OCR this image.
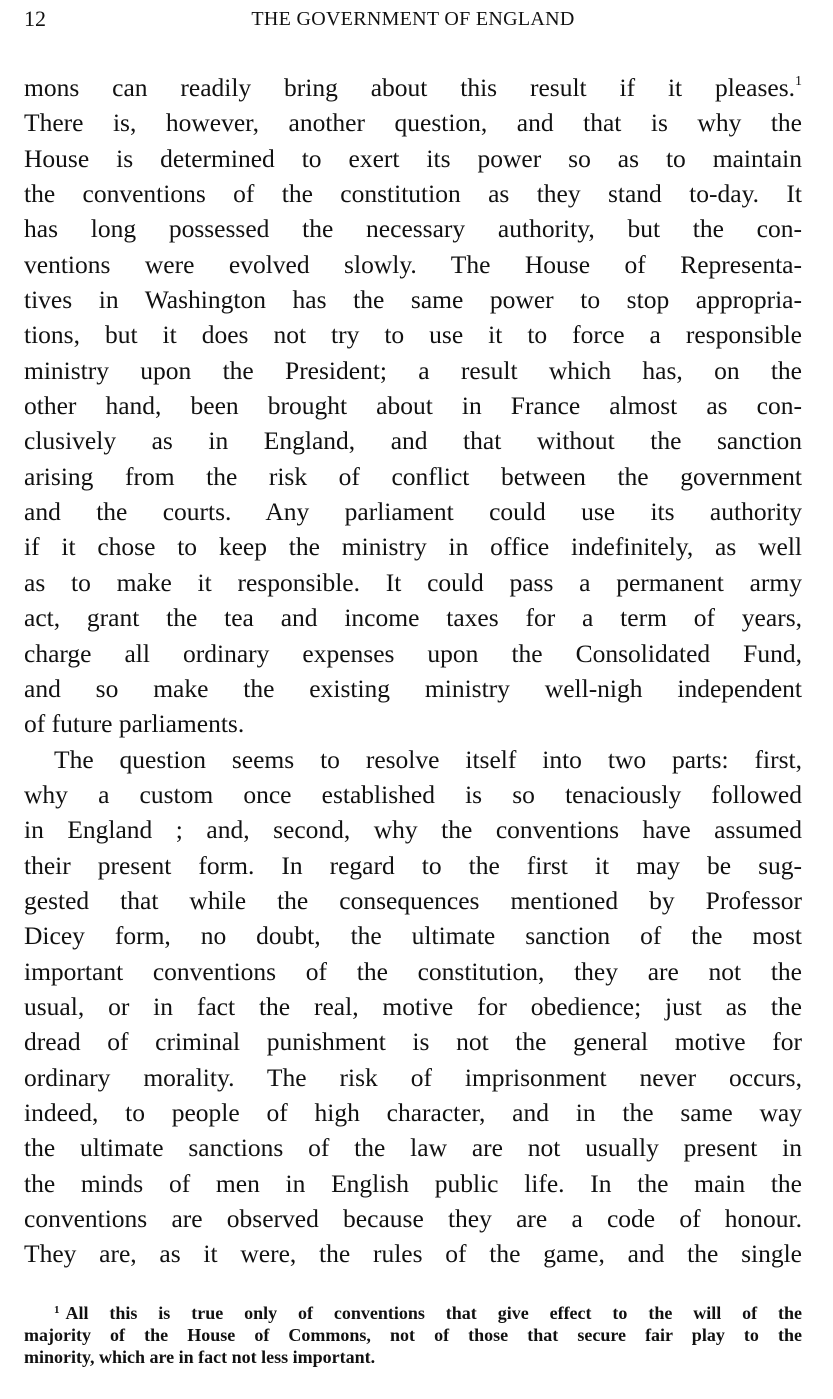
12	THE GOVERNMENT OF ENGLAND
mons can readily bring about this result if it pleases.$^1$
There is, however, another question, and that is why the
House is determined to exert its power so as to maintain
the conventions of the constitution as they stand to-day. It
has long possessed the necessary authority, but the con-
ventions were evolved slowly. The House of Representa-
tives in Washington has the same power to stop appropria-
tions, but it does not try to use it to force a responsible
ministry upon the President; a result which has, on the
other hand, been brought about in France almost as con-
clusively as in England, and that without the sanction
arising from the risk of conflict between the government
and the courts. Any parliament could use its authority
if it chose to keep the ministry in office indefinitely, as well
as to make it responsible. It could pass a permanent army
act, grant the tea and income taxes for a term of years,
charge all ordinary expenses upon the Consolidated Fund,
and so make the existing ministry well-nigh independent
of future parliaments.
The question seems to resolve itself into two parts: first,
why a custom once established is so tenaciously followed
in England ; and, second, why the conventions have assumed
their present form. In regard to the first it may be sug-
gested that while the consequences mentioned by Professor
Dicey form, no doubt, the ultimate sanction of the most
important conventions of the constitution, they are not the
usual, or in fact the real, motive for obedience; just as the
dread of criminal punishment is not the general motive for
ordinary morality. The risk of imprisonment never occurs,
indeed, to people of high character, and in the same way
the ultimate sanctions of the law are not usually present in
the minds of men in English public life. In the main the
conventions are observed because they are a code of honour.
They are, as it were, the rules of the game, and the single
$^1$ All this is true only of conventions that give effect to the will of the
majority of the House of Commons, not of those that secure fair play to the
minority, which are in fact not less important.
